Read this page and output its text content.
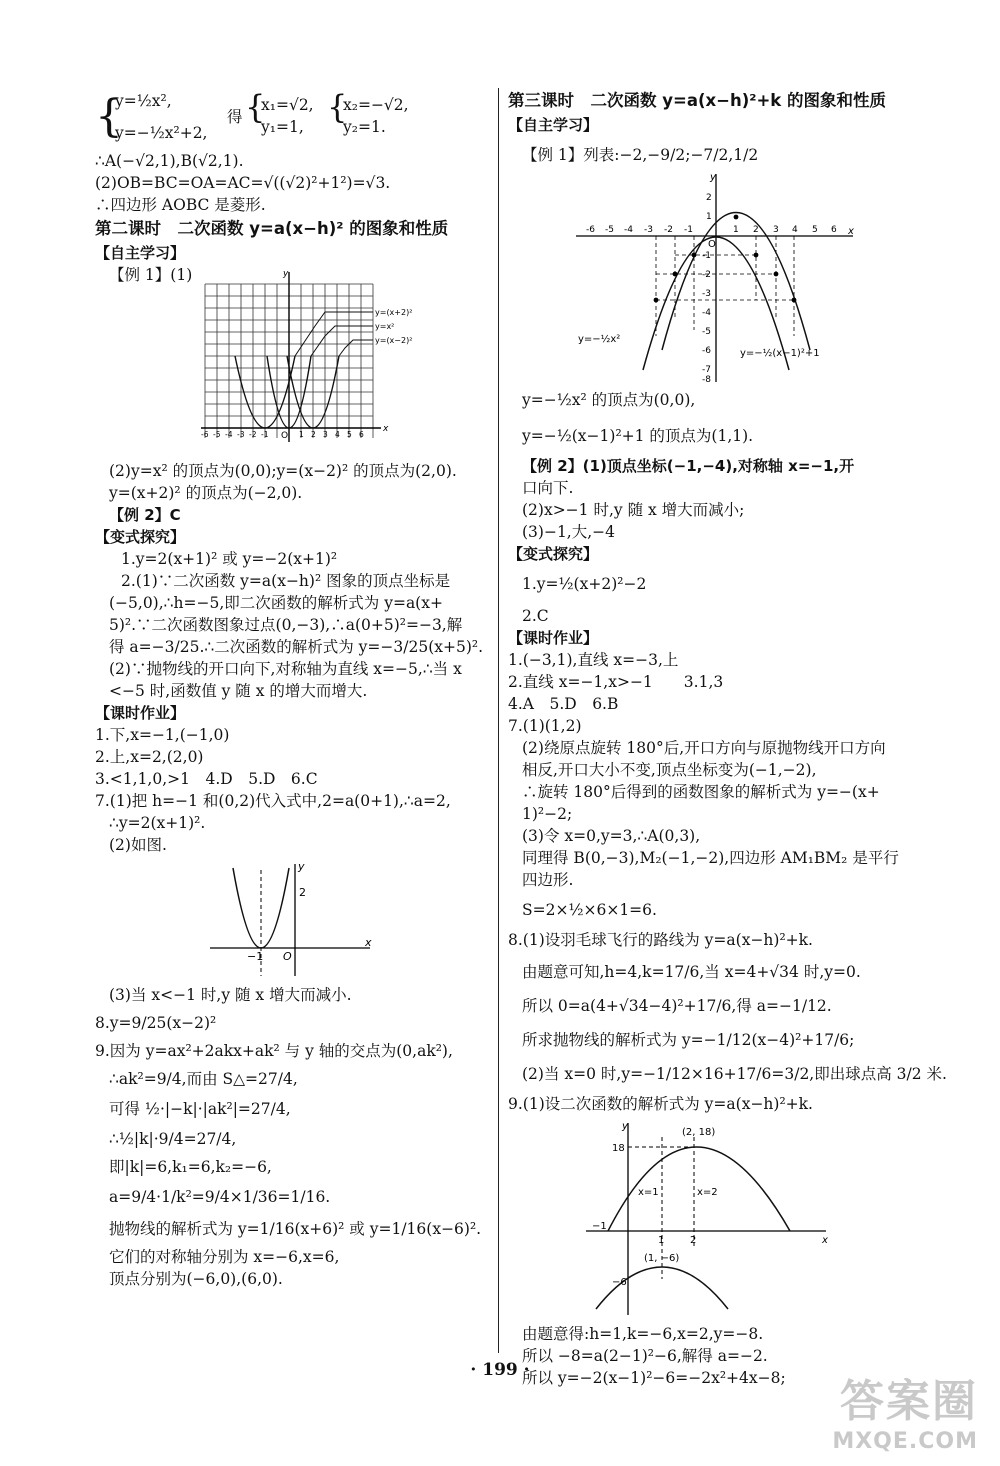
{
y=½x²,
y=−½x²+2,
得 {
x₁=√2,
y₁=1,
{
x₂=−√2,
y₂=1.
∴A(−√2,1),B(√2,1).
(2)OB=BC=OA=AC=√((√2)²+1²)=√3.
∴四边形 AOBC 是菱形.
第二课时　二次函数 y=a(x−h)² 的图象和性质
【自主学习】
【例 1】(1)
y=(x+2)²
y=x²
y=(x−2)²
y
x
O
-6 -5 -4 -3 -2 -1	1 2 3 4 5 6
(2)y=x² 的顶点为(0,0);y=(x−2)² 的顶点为(2,0).
y=(x+2)² 的顶点为(−2,0).
【例 2】C
【变式探究】
1.y=2(x+1)² 或 y=−2(x+1)²
2.(1)∵二次函数 y=a(x−h)² 图象的顶点坐标是
(−5,0),∴h=−5,即二次函数的解析式为 y=a(x+
5)².∵二次函数图象过点(0,−3),∴a(0+5)²=−3,解
得 a=−3/25.∴二次函数的解析式为 y=−3/25(x+5)².
(2)∵抛物线的开口向下,对称轴为直线 x=−5,∴当 x
<−5 时,函数值 y 随 x 的增大而增大.
【课时作业】
1.下,x=−1,(−1,0)
2.上,x=2,(2,0)
3.<1,1,0,>1　4.D　5.D　6.C
7.(1)把 h=−1 和(0,2)代入式中,2=a(0+1),∴a=2,
∴y=2(x+1)².
(2)如图.
y
x
O
−1
2
(3)当 x<−1 时,y 随 x 增大而减小.
8.y=9/25(x−2)²
9.因为 y=ax²+2akx+ak² 与 y 轴的交点为(0,ak²),
∴ak²=9/4,而由 S△=27/4,
可得 ½·|−k|·|ak²|=27/4,
∴½|k|·9/4=27/4,
即|k|=6,k₁=6,k₂=−6,
a=9/4·1/k²=9/4×1/36=1/16.
抛物线的解析式为 y=1/16(x+6)² 或 y=1/16(x−6)².
它们的对称轴分别为 x=−6,x=6,
顶点分别为(−6,0),(6,0).
第三课时　二次函数 y=a(x−h)²+k 的图象和性质
【自主学习】
【例 1】列表:−2,−9/2;−7/2,1/2
y
x
O
-6 -5 -4 -3 -2 -1	1 2 3 4 5 6
2
1
-1
-2
-3
-4
-5
-6
-7
-8
y=−½x²
y=−½(x−1)²+1
y=−½x² 的顶点为(0,0),
y=−½(x−1)²+1 的顶点为(1,1).
【例 2】(1)顶点坐标(−1,−4),对称轴 x=−1,开
口向下.
(2)x>−1 时,y 随 x 增大而减小;
(3)−1,大,−4
【变式探究】
1.y=½(x+2)²−2
2.C
【课时作业】
1.(−3,1),直线 x=−3,上
2.直线 x=−1,x>−1　　3.1,3
4.A　5.D　6.B
7.(1)(1,2)
(2)绕原点旋转 180°后,开口方向与原抛物线开口方向
相反,开口大小不变,顶点坐标变为(−1,−2),
∴旋转 180°后得到的函数图象的解析式为 y=−(x+
1)²−2;
(3)令 x=0,y=3,∴A(0,3),
同理得 B(0,−3),M₂(−1,−2),四边形 AM₁BM₂ 是平行
四边形.
S=2×½×6×1=6.
8.(1)设羽毛球飞行的路线为 y=a(x−h)²+k.
由题意可知,h=4,k=17/6,当 x=4+√34 时,y=0.
所以 0=a(4+√34−4)²+17/6,得 a=−1/12.
所求抛物线的解析式为 y=−1/12(x−4)²+17/6;
(2)当 x=0 时,y=−1/12×16+17/6=3/2,即出球点高 3/2 米.
9.(1)设二次函数的解析式为 y=a(x−h)²+k.
y
x
(2, 18)
(1, −6)
18
−6
−1
1	2
x=1	x=2
由题意得:h=1,k=−6,x=2,y=−8.
所以 −8=a(2−1)²−6,解得 a=−2.
所以 y=−2(x−1)²−6=−2x²+4x−8;
· 199 ·
答案圈
MXQE.COM
